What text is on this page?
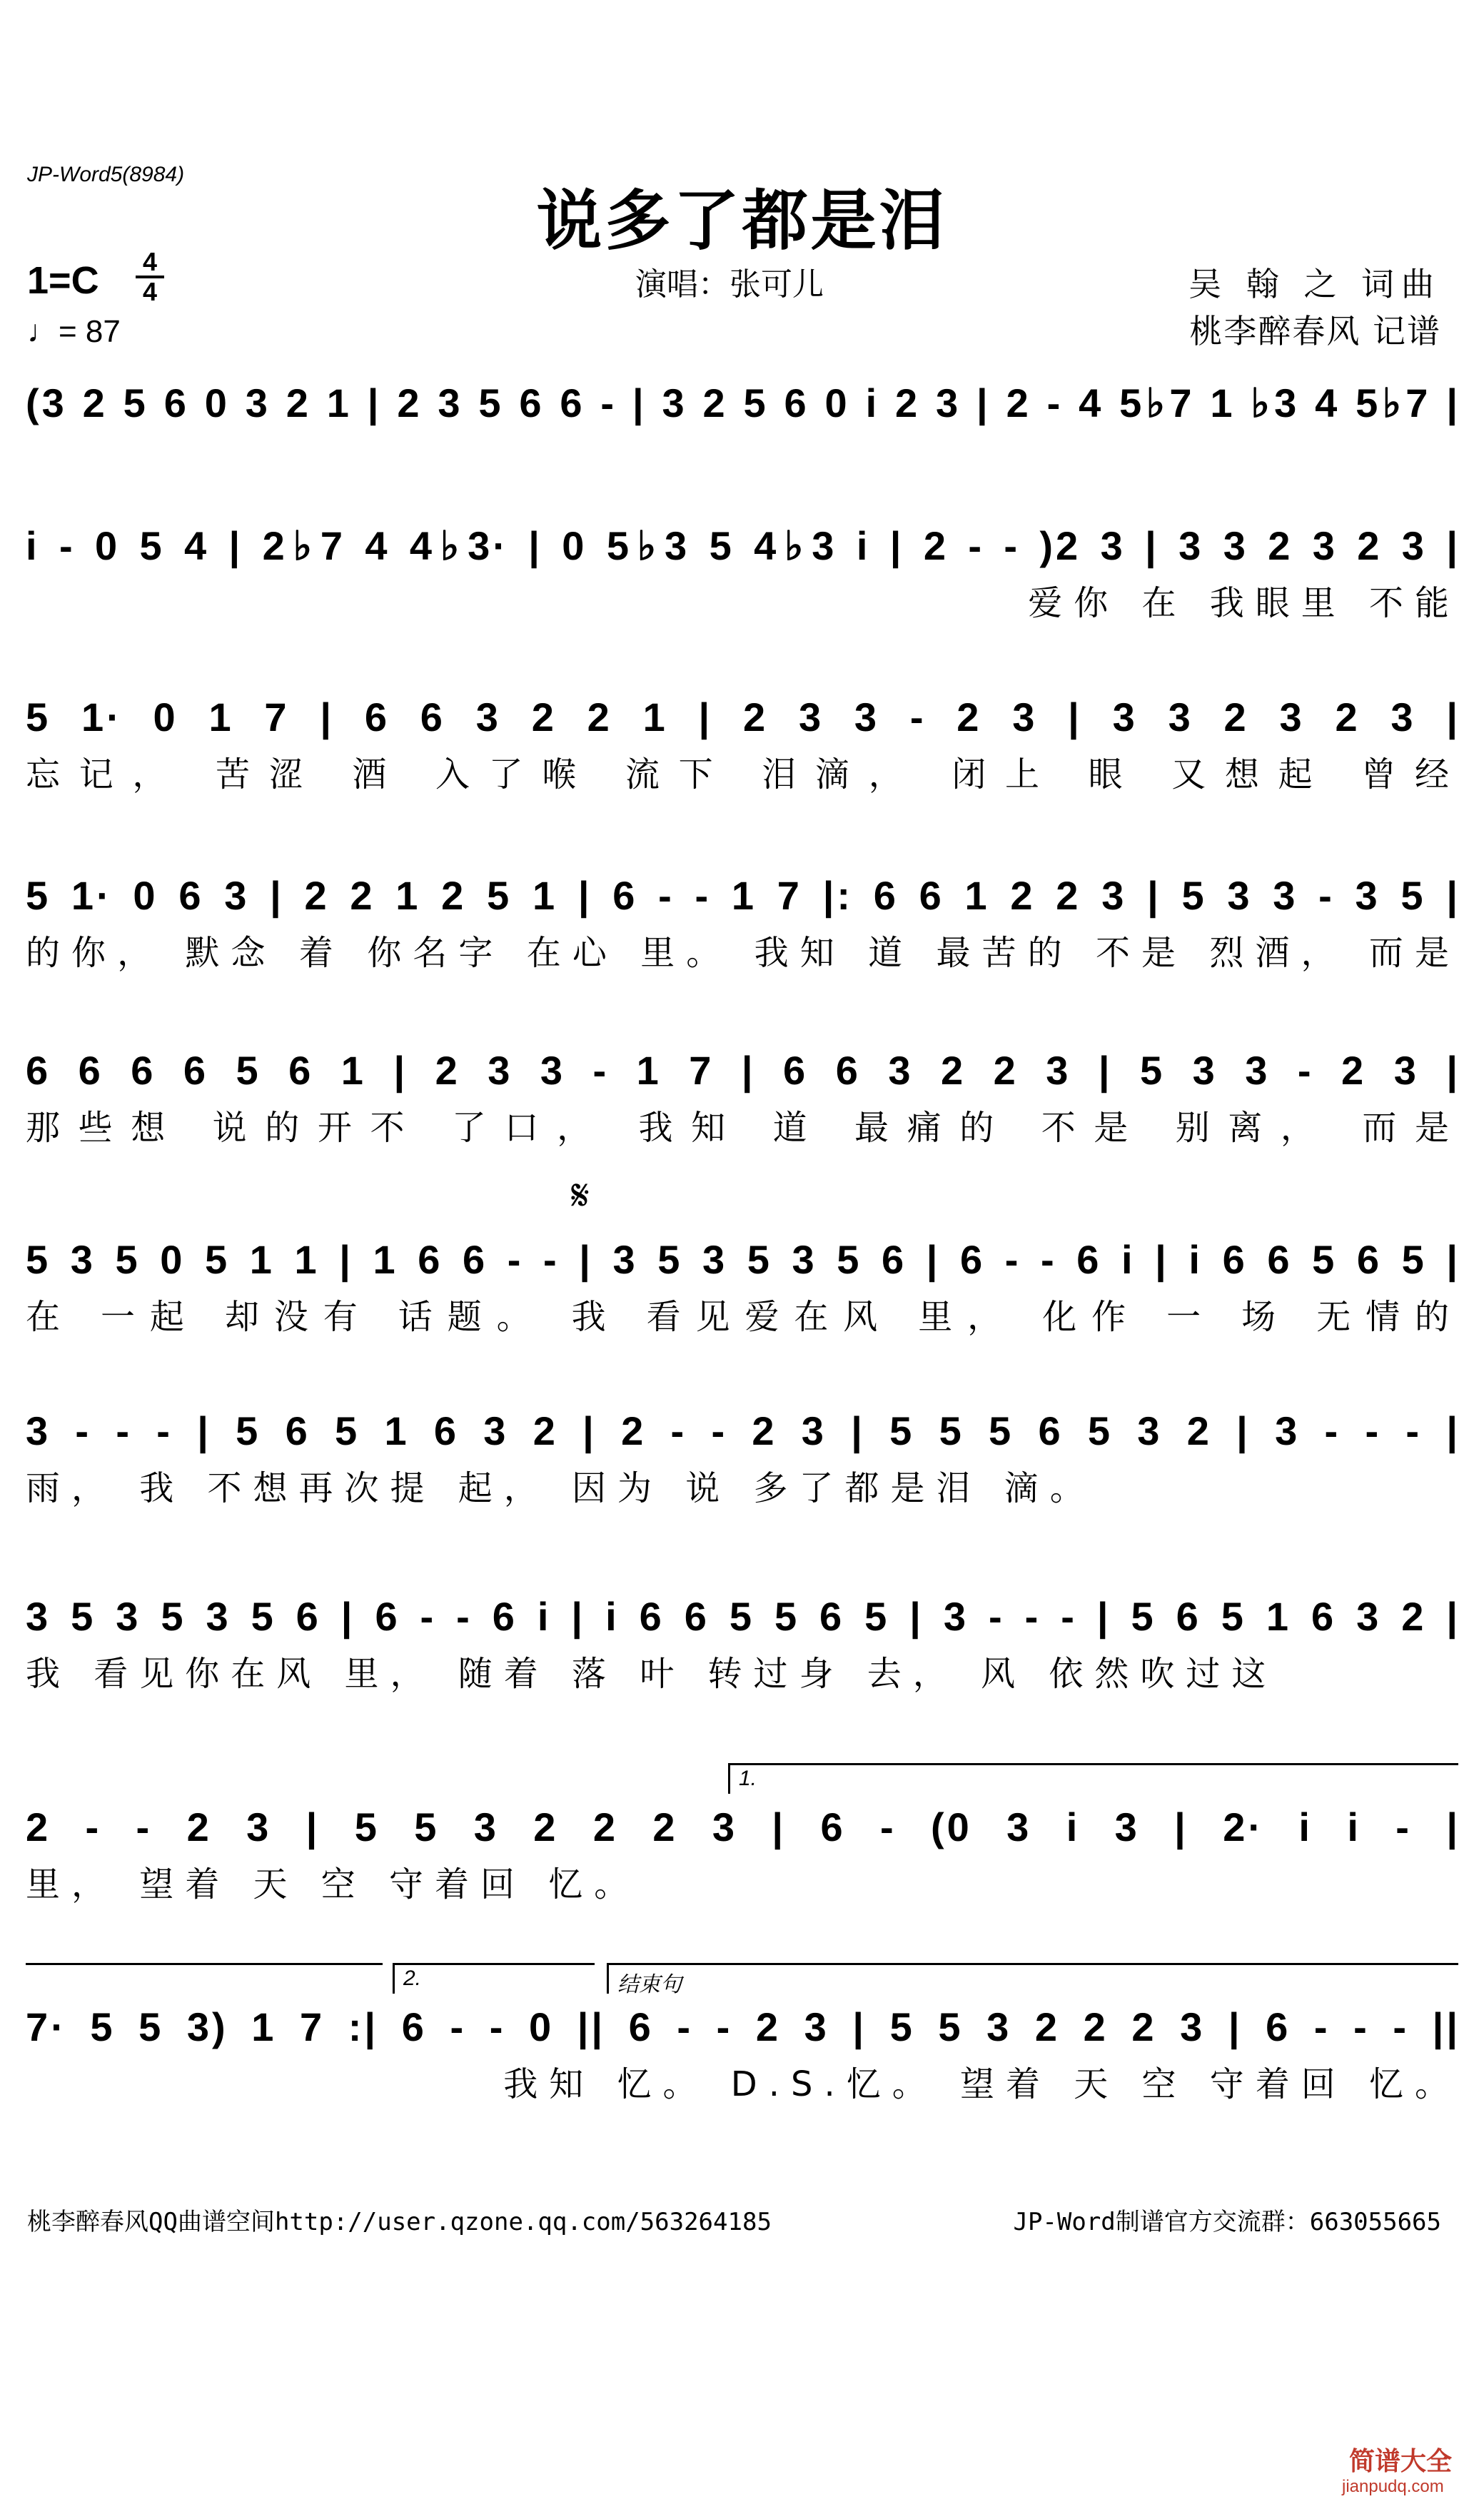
JP-Word5(8984)
说多了都是泪
1=C 4
4
♩= 87
演唱：张可儿	吴 翰 之 词曲
桃李醉春风 记谱
(3 2 5 6 0 3 2 1 | 2 3 5 6 6 - | 3 2 5 6 0 i 2 3 | 2 - 4 5♭7 1 ♭3 4 5♭7 |
i - 0 5 4 | 2♭7 4 4♭3· | 0 5♭3 5 4♭3 i | 2 - - )2 3 | 3 3 2 3 2 3 |
爱你 在 我眼里 不能
5 1· 0 1 7 | 6 6 3 2 2 1 | 2 3 3 - 2 3 | 3 3 2 3 2 3 |
忘记， 苦涩 酒 入了喉 流下 泪滴， 闭上 眼 又想起 曾经
5 1· 0 6 3 | 2 2 1 2 5 1 | 6 - - 1 7 |: 6 6 1 2 2 3 | 5 3 3 - 3 5 |
的你， 默念 着 你名字 在心 里。 我知 道 最苦的 不是 烈酒， 而是
6 6 6 6 5 6 1 | 2 3 3 - 1 7 | 6 6 3 2 2 3 | 5 3 3 - 2 3 |
那些想 说的开不 了口， 我知 道 最痛的 不是 别离， 而是
𝄋
5 3 5 0 5 1 1 | 1 6 6 - - | 3 5 3 5 3 5 6 | 6 - - 6 i | i 6 6 5 6 5 |
在 一起 却没有 话题。 我 看见爱在风 里， 化作 一 场 无情的
3 - - - | 5 6 5 1 6 3 2 | 2 - - 2 3 | 5 5 5 6 5 3 2 | 3 - - - |
雨， 我 不想再次提 起， 因为 说 多了都是泪 滴。
3 5 3 5 3 5 6 | 6 - - 6 i | i 6 6 5 5 6 5 | 3 - - - | 5 6 5 1 6 3 2 |
我 看见你在风 里， 随着 落 叶 转过身 去， 风 依然吹过这
1.
2 - - 2 3 | 5 5 3 2 2 2 3 | 6 - (0 3 i 3 | 2· i i - |
里， 望着 天 空 守着回 忆。
2.	结束句
7· 5 5 3) 1 7 :| 6 - - 0 || 6 - - 2 3 | 5 5 3 2 2 2 3 | 6 - - - ||
我知 忆。 D.S.忆。 望着 天 空 守着回 忆。
桃李醉春风QQ曲谱空间http://user.qzone.qq.com/563264185	JP-Word制谱官方交流群：663055665
简谱大全
jianpudq.com
